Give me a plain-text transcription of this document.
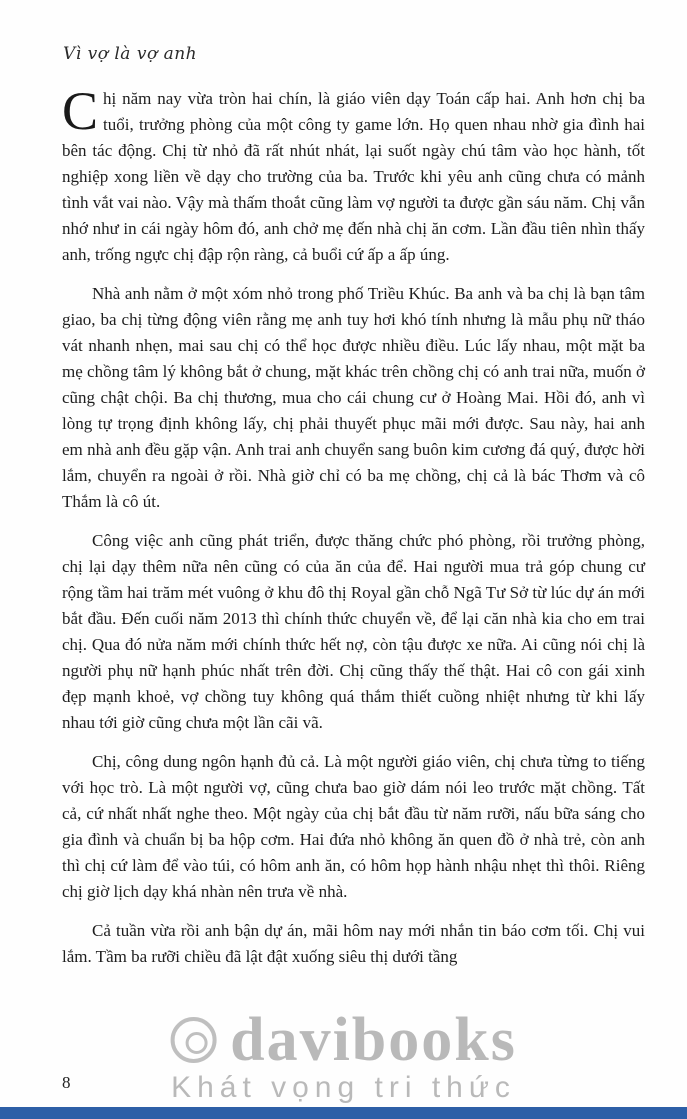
Vì vợ là vợ anh

Chị năm nay vừa tròn hai chín, là giáo viên dạy Toán cấp hai. Anh hơn chị ba tuổi, trưởng phòng của một công ty game lớn. Họ quen nhau nhờ gia đình hai bên tác động. Chị từ nhỏ đã rất nhút nhát, lại suốt ngày chú tâm vào học hành, tốt nghiệp xong liền về dạy cho trường của ba. Trước khi yêu anh cũng chưa có mảnh tình vắt vai nào. Vậy mà thấm thoắt cũng làm vợ người ta được gần sáu năm. Chị vẫn nhớ như in cái ngày hôm đó, anh chở mẹ đến nhà chị ăn cơm. Lần đầu tiên nhìn thấy anh, trống ngực chị đập rộn ràng, cả buổi cứ ấp a ấp úng.

Nhà anh nằm ở một xóm nhỏ trong phố Triều Khúc. Ba anh và ba chị là bạn tâm giao, ba chị từng động viên rằng mẹ anh tuy hơi khó tính nhưng là mẫu phụ nữ tháo vát nhanh nhẹn, mai sau chị có thể học được nhiều điều. Lúc lấy nhau, một mặt ba mẹ chồng tâm lý không bắt ở chung, mặt khác trên chồng chị có anh trai nữa, muốn ở cũng chật chội. Ba chị thương, mua cho cái chung cư ở Hoàng Mai. Hồi đó, anh vì lòng tự trọng định không lấy, chị phải thuyết phục mãi mới được. Sau này, hai anh em nhà anh đều gặp vận. Anh trai anh chuyển sang buôn kim cương đá quý, được hời lắm, chuyển ra ngoài ở rồi. Nhà giờ chỉ có ba mẹ chồng, chị cả là bác Thơm và cô Thắm là cô út.

Công việc anh cũng phát triển, được thăng chức phó phòng, rồi trưởng phòng, chị lại dạy thêm nữa nên cũng có của ăn của để. Hai người mua trả góp chung cư rộng tầm hai trăm mét vuông ở khu đô thị Royal gần chỗ Ngã Tư Sở từ lúc dự án mới bắt đầu. Đến cuối năm 2013 thì chính thức chuyển về, để lại căn nhà kia cho em trai chị. Qua đó nửa năm mới chính thức hết nợ, còn tậu được xe nữa. Ai cũng nói chị là người phụ nữ hạnh phúc nhất trên đời. Chị cũng thấy thế thật. Hai cô con gái xinh đẹp mạnh khoẻ, vợ chồng tuy không quá thắm thiết cuồng nhiệt nhưng từ khi lấy nhau tới giờ cũng chưa một lần cãi vã.

Chị, công dung ngôn hạnh đủ cả. Là một người giáo viên, chị chưa từng to tiếng với học trò. Là một người vợ, cũng chưa bao giờ dám nói leo trước mặt chồng. Tất cả, cứ nhất nhất nghe theo. Một ngày của chị bắt đầu từ năm rưỡi, nấu bữa sáng cho gia đình và chuẩn bị ba hộp cơm. Hai đứa nhỏ không ăn quen đồ ở nhà trẻ, còn anh thì chị cứ làm để vào túi, có hôm anh ăn, có hôm họp hành nhậu nhẹt thì thôi. Riêng chị giờ lịch dạy khá nhàn nên trưa về nhà.

Cả tuần vừa rồi anh bận dự án, mãi hôm nay mới nhắn tin báo cơm tối. Chị vui lắm. Tầm ba rưỡi chiều đã lật đật xuống siêu thị dưới tầng

davibooks
Khát vọng tri thức
8
